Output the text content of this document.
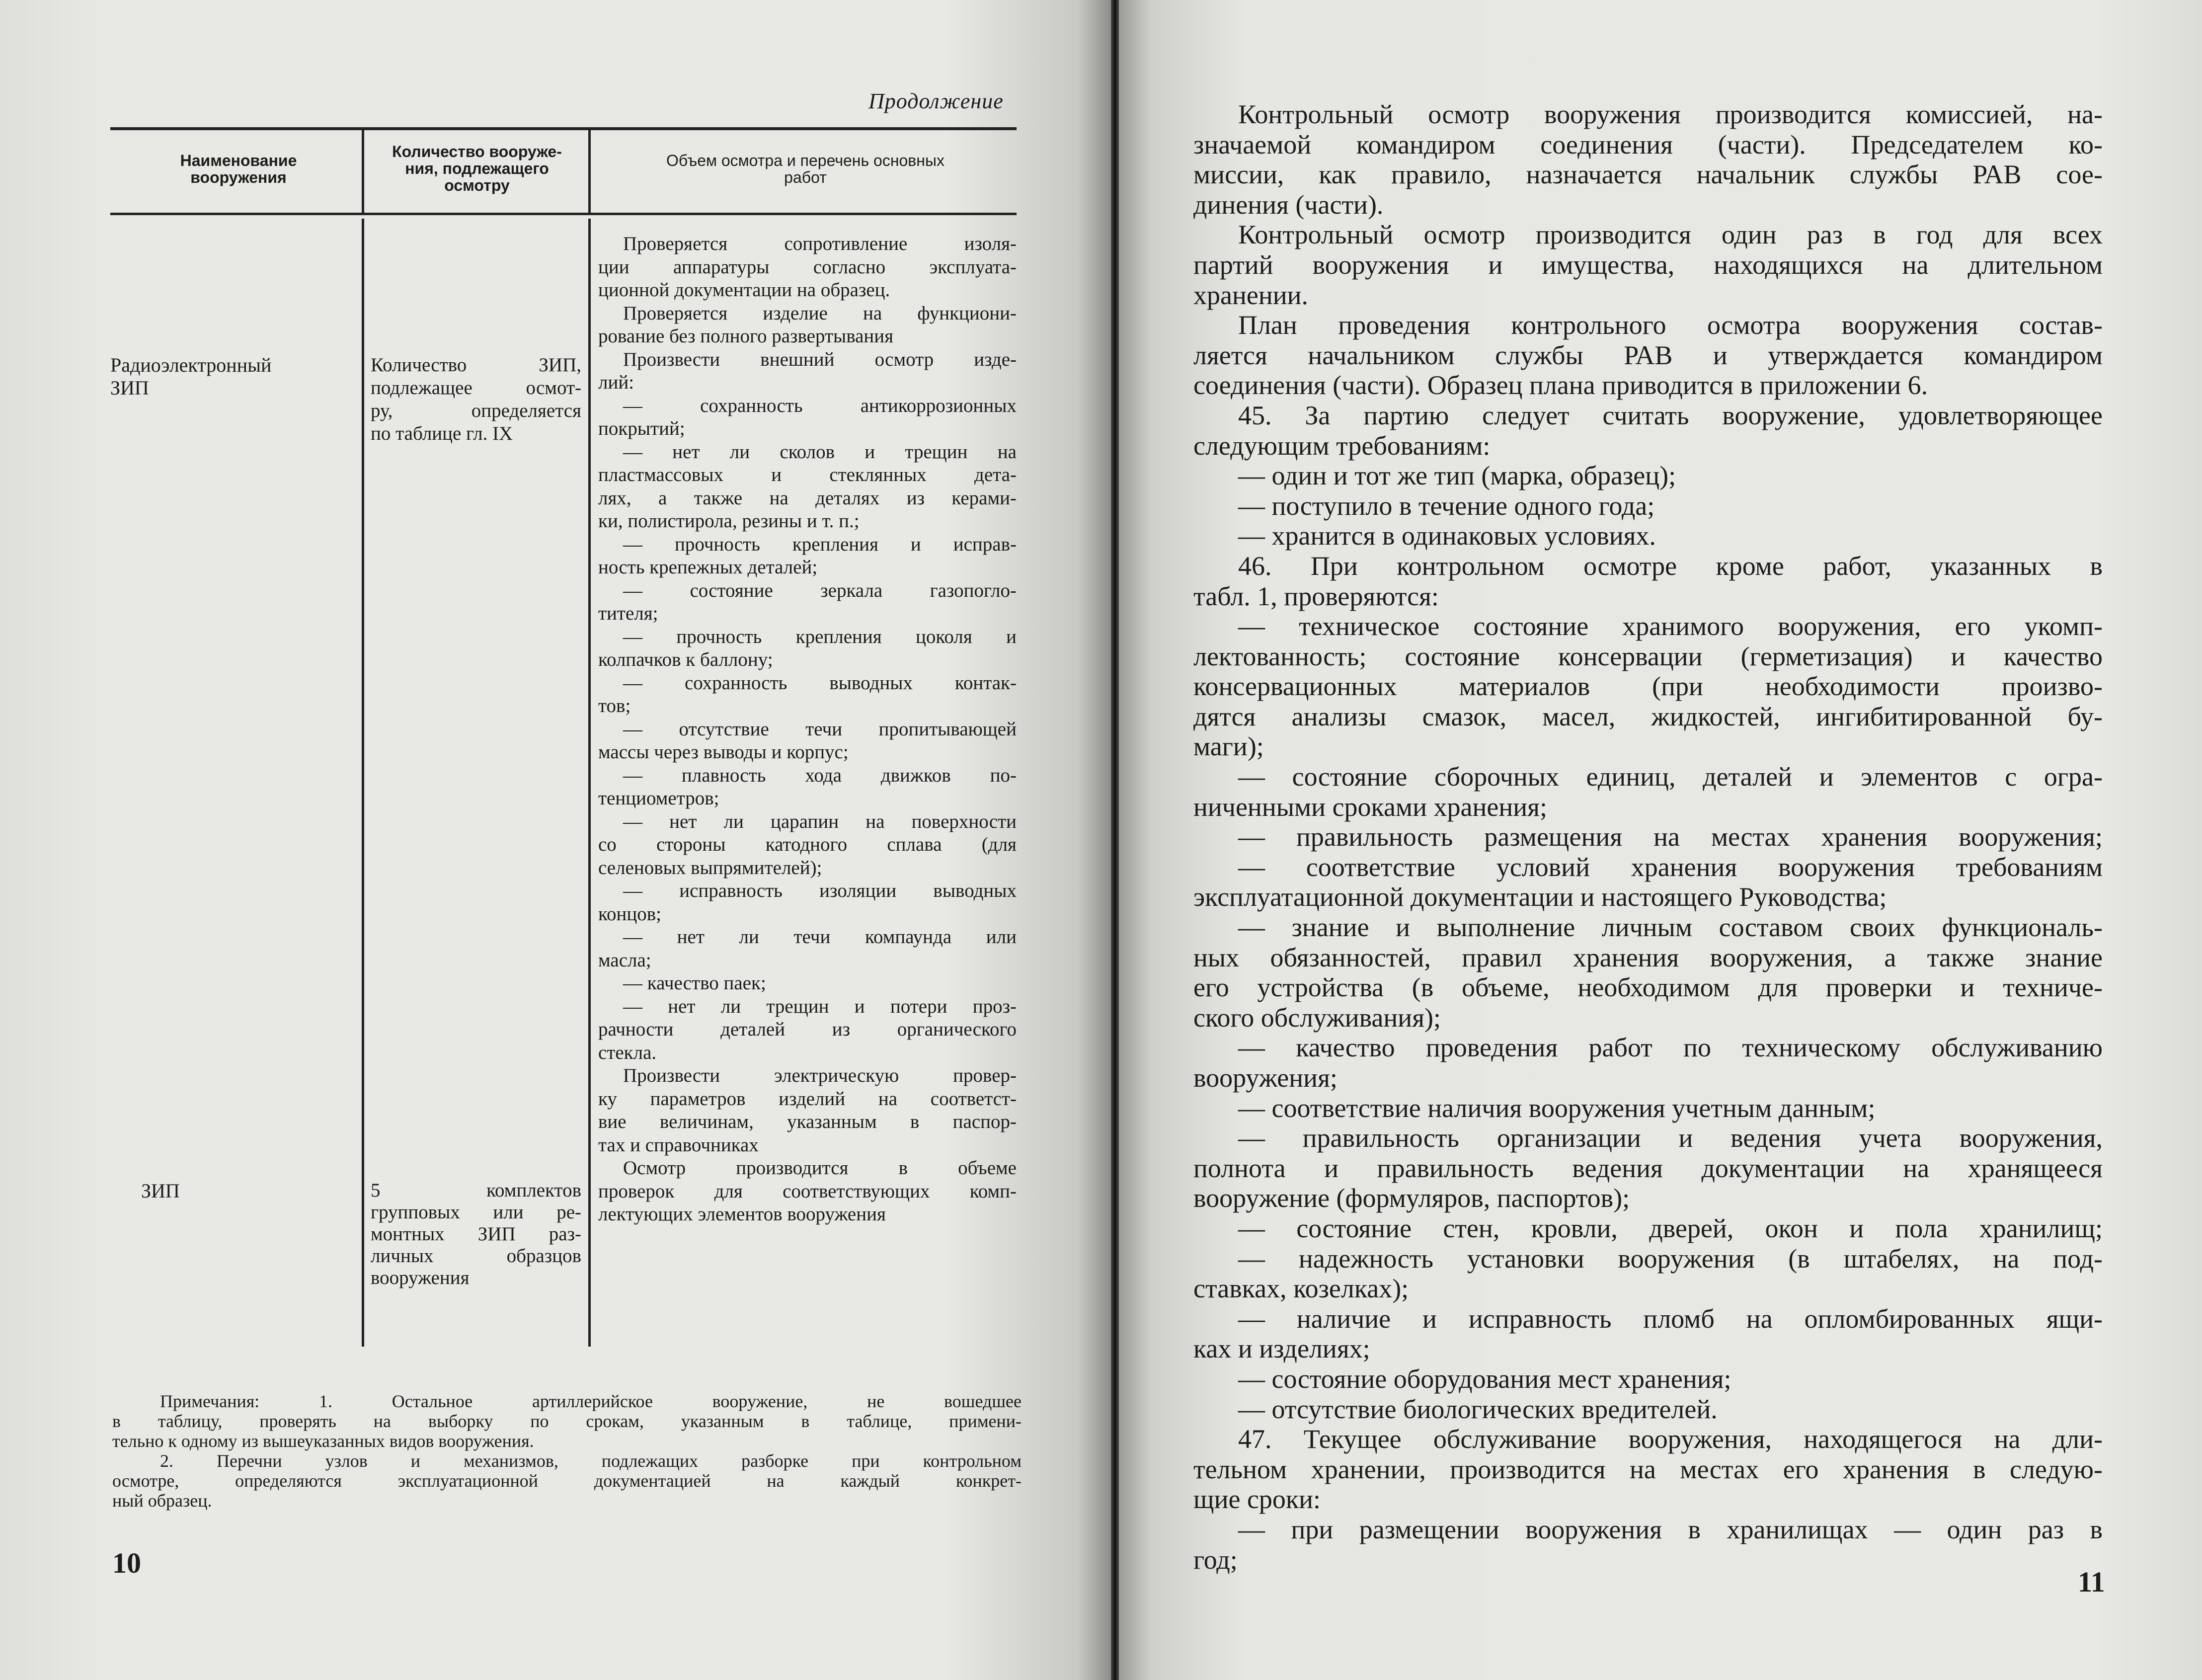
Продолжение
Наименование
вооружения
Количество вооруже-
ния, подлежащего
осмотру
Объем осмотра и перечень основных
работ
Радиоэлектронный
ЗИП
Количество ЗИП,
подлежащее осмот-
ру, определяется
по таблице гл. IX
ЗИП	5 комплектов
групповых или ре-
монтных ЗИП раз-
личных образцов
вооружения
Проверяется сопротивление изоля-
ции аппаратуры согласно эксплуата-
ционной документации на образец.
Проверяется изделие на функциони-
рование без полного развертывания
Произвести внешний осмотр изде-
лий:
— сохранность антикоррозионных
покрытий;
— нет ли сколов и трещин на
пластмассовых и стеклянных дета-
лях, а также на деталях из керами-
ки, полистирола, резины и т. п.;
— прочность крепления и исправ-
ность крепежных деталей;
— состояние зеркала газопогло-
тителя;
— прочность крепления цоколя и
колпачков к баллону;
— сохранность выводных контак-
тов;
— отсутствие течи пропитывающей
массы через выводы и корпус;
— плавность хода движков по-
тенциометров;
— нет ли царапин на поверхности
со стороны катодного сплава (для
селеновых выпрямителей);
— исправность изоляции выводных
концов;
— нет ли течи компаунда или
масла;
— качество паек;
— нет ли трещин и потери проз-
рачности деталей из органического
стекла.
Произвести электрическую провер-
ку параметров изделий на соответст-
вие величинам, указанным в паспор-
тах и справочниках
Осмотр производится в объеме
проверок для соответствующих комп-
лектующих элементов вооружения
Примечания: 1. Остальное артиллерийское вооружение, не вошедшее
в таблицу, проверять на выборку по срокам, указанным в таблице, примени-
тельно к одному из вышеуказанных видов вооружения.
2. Перечни узлов и механизмов, подлежащих разборке при контрольном
осмотре, определяются эксплуатационной документацией на каждый конкрет-
ный образец.
10
Контрольный осмотр вооружения производится комиссией, на-
значаемой командиром соединения (части). Председателем ко-
миссии, как правило, назначается начальник службы РАВ сое-
динения (части).
Контрольный осмотр производится один раз в год для всех
партий вооружения и имущества, находящихся на длительном
хранении.
План проведения контрольного осмотра вооружения состав-
ляется начальником службы РАВ и утверждается командиром
соединения (части). Образец плана приводится в приложении 6.
45. За партию следует считать вооружение, удовлетворяющее
следующим требованиям:
— один и тот же тип (марка, образец);
— поступило в течение одного года;
— хранится в одинаковых условиях.
46. При контрольном осмотре кроме работ, указанных в
табл. 1, проверяются:
— техническое состояние хранимого вооружения, его укомп-
лектованность; состояние консервации (герметизация) и качество
консервационных материалов (при необходимости произво-
дятся анализы смазок, масел, жидкостей, ингибитированной бу-
маги);
— состояние сборочных единиц, деталей и элементов с огра-
ниченными сроками хранения;
— правильность размещения на местах хранения вооружения;
— соответствие условий хранения вооружения требованиям
эксплуатационной документации и настоящего Руководства;
— знание и выполнение личным составом своих функциональ-
ных обязанностей, правил хранения вооружения, а также знание
его устройства (в объеме, необходимом для проверки и техниче-
ского обслуживания);
— качество проведения работ по техническому обслуживанию
вооружения;
— соответствие наличия вооружения учетным данным;
— правильность организации и ведения учета вооружения,
полнота и правильность ведения документации на хранящееся
вооружение (формуляров, паспортов);
— состояние стен, кровли, дверей, окон и пола хранилищ;
— надежность установки вооружения (в штабелях, на под-
ставках, козелках);
— наличие и исправность пломб на опломбированных ящи-
ках и изделиях;
— состояние оборудования мест хранения;
— отсутствие биологических вредителей.
47. Текущее обслуживание вооружения, находящегося на дли-
тельном хранении, производится на местах его хранения в следую-
щие сроки:
— при размещении вооружения в хранилищах — один раз в
год;
11
